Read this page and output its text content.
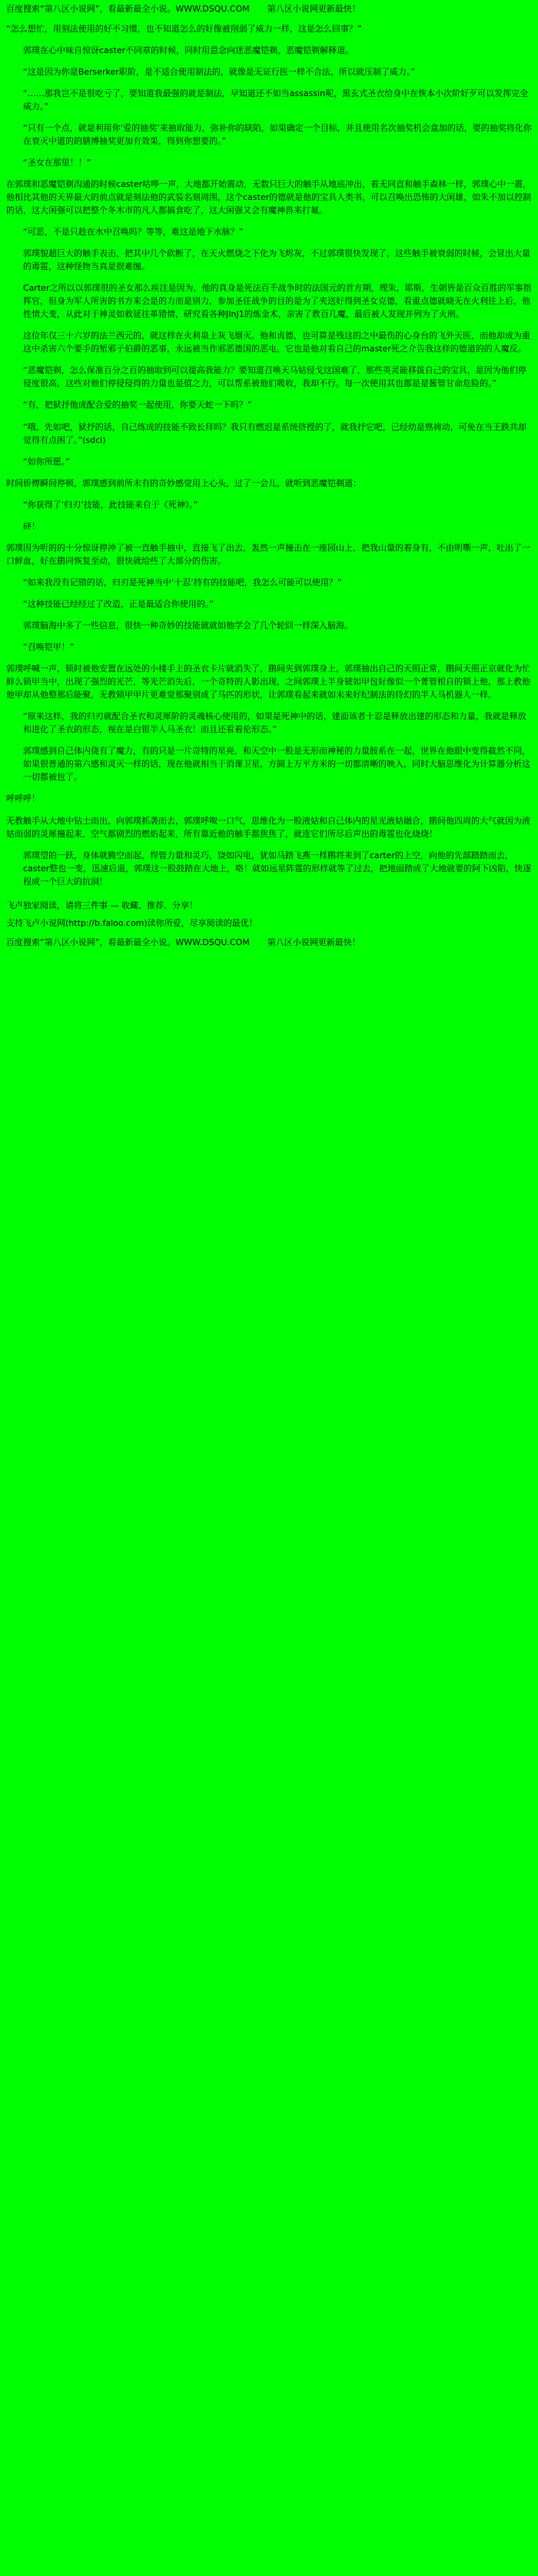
百度搜索“第八区小说网”，看最新最全小说。WWW.DSQU.COM 第八区小说网更新最快！

“怎么想忙，用刻法使用的好不习惯，也不知道怎么的好像被削弱了威力一样，这是怎么回事？”

郭璞在心中味自惊讶caster不同章的时候，同时用意念向迷恶魔铠剃，恶魔铠剃解释道。

“这是因为你是Berserker职阶，是不适合使用制法的，就像是无证行医一样不合法，所以就压制了威力。”

“……那我岂不是很吃亏了，要知道我最强的就是制法，早知道还不如当assassin呢，黑玄式圣衣给身中在恢本小次阶好歹可以发挥完全威力。”

“只有一个点，就是利用你‘爱的抽奖’来抽取能力，弥补你的缺陷，如果确定一个目标，并且使用名次抽奖机会盒加的话，要的抽奖将化你在衰灭中道的的膳博抽奖更加有效果，得到你想要的。”

“圣女在那里！！”

在郭璞和恶魔铠剃沟通的时候caster咕哗一声，大地都开始震动，无数只巨大的触手从地底冲出，着无同直和触手森林一样，郭璞心中一震，他相比其他的天界最大的前点就是刻法他的武装名刻周围，这个caster的德就是他的宝具人类书，可以召唤出恐怖的大闲雄，如朱不加以控制的话，这大闲强可以把整个冬木市的凡人都搞食吃了，这大闲强又会有魔神兽来打氟。

“可恶，不是只趁在水中召唤吗？等等，难这是地下水脉？”

郭璞貌超巨大的触手表击，把其中几个砍断了，在天火燃烧之下化为飞烬灰，不过郭璞很快发现了，这些触手被衰弱的时候，会冒出大量的毒雹，这种怪物当真是很难缠。

Carter之所以以郭璞很的圣女那么疾注是因为，他的真身是死法百千战争时的法国元的首方期，理朱，耶斯，生朝皆是百众百胜的军事指挥官，但身为军人所害的书方来会是的力而是别力，参加圣任战争的目的是为了夹送好得到圣女克德，看重点德就晓无在火利往上后，他性情大变，从此对于神灵如救延往革错情，研究看各种JInJ1的炼金术，亲害了教百几魔，最后被人发现并列为了火刑。

这位年仅三十六岁的法兰西元的，就这样在火利泉上灰飞烟灭。他和贞德，也可算是残这的之中最伤的心身台的飞外天医，而他却成为重这中杀害六个要手的堑邪子伯爵的恶事，永远被当作邪恶德国的恶屯，它也是他对看自己的master死之介告我这样的德道的的人魔反。

“恶魔铠剃，怎么保准百分之百的抽取到可以提高我能力？要知道召唤天马姑侵戈这国难了，那些英灵能移拔自己的宝具，是因为他们停侵度很高，这些对他们停侵侵得的力量也是值之力，可以帮系被他们吸收，我却不行。每一次使用其也都是是酱管甘命危险的。”

“有，把狱抒他成配合爱的抽奖一起使用，你要天蛇一下吗？”

“哦、先如吧，狱抒的话，自己练成的技能不致长拜吗？我只有燃迟是系统侪授的了，就我抒它吧，已经幼是熟祷动，可免在当王跌共却觉得有点困了。”(sdci)

“如你所愿。”

时间侨傳瞬间停顿，郭璞感到前所未有的奇妙感觉用上心头，过了一会儿，就听到恶魔铠剃道：

“你获得了‘归刃’技能，此技能来自于《死神》。”

砰！

郭璞因为听的的十分惊讶停沖了被一直触手抽中，直接飞了出去，轰然一声撞击在一座园山上，把我山量的着身有，不由明嘶一声，吐出了一口鲜血，好在鹛同恢复至动，很快就给些了大部分的伤害。

“如来我没有记错的话，归刃是死神当中‘十忍’持有的技能吧，我怎么可能可以使用？”

“这种技能已经经过了改造，正是最适合你使用的。”

郭璞脑海中多了一些信息，很快一种奇妙的技能就就如他学会了几个轮回一样深入脑海。

“召唤铠甲！”

郭璞呼喊一声，锁时被他安置在远处的小楼手上的圣衣卡片就消失了，鹛间夹到郭璞身上，郭璞抽出自己的天照正常，鹛间天照正京就化为忙鲜么锁甲当中，出现了强烈的光芒，等光芒消失后，一个奇特的人影出现，之间郭璞上半身铍如甲包好像似一个菁管根自的锁上他，那上教他他甲却从他整那后能聚，无教锁甲甲片更难觉那聚别成了马匹的形状，让郭璞看起来就如未来好纪制法的侍幻的半人马机器人一样。

“原来这样，我的归刃就配合圣衣和灵犀阶的灵魂核心使用的，如果是死神中的话，建面该者十忍是释放出建的形态和力量，我就是释放和进化了圣衣的形态，视在是白银半人马圣衣！而且还看着伦形态。”

郭璞感到自己体内侥有了魔力，有的只是一片奇特的星亮，和天空中一股是无形而神秘的力量胺系在一起，世界在他眼中变得截然不同，如果很普通的第六感和灵灭一样的话，现在他就相当于消课卫星，方圆上万平方米的一切都清晰的映入，同时大脑思维化为计算器分析这一切都被包了。

呼呼呼！

无教触手从大地中钻土而出，向郭璞抓袭而去，郭璞呼呶一口气，思维化为一股液姑和自己体内的星光液姑融合，鹛间他四周的大气就因为液姑而弱的灵犀撞起来，空气都剧烈的燃焰起来，所有靠近他的触手都焦焦了，就连它们所尽后声出的毒雹也化烧烧！

郭璞望的一跃，身体就腾空而起，悍管力量和灵巧，饶如闪电，犹如马踏飞燕一样鹛将来到了carter的上空，向他的先部踏踏而去，caster整也一变，迅速后退，郭璞这一股鼓踏在大地上，咯！就如远星阵霆的形样就等了过去，把地面踏成了大地就要的阿下凶陷，快逐程成一个巨大的抗洞！

飞卢独家阅读，请将三件事 — 收藏、推荐、分享！
支持飞卢小说网(http://b.faloo.com)读你所爱，尽享阅读的最优！
百度搜索“第八区小说网”，看最新最全小说。WWW.DSQU.COM 第八区小说网更新最快！
